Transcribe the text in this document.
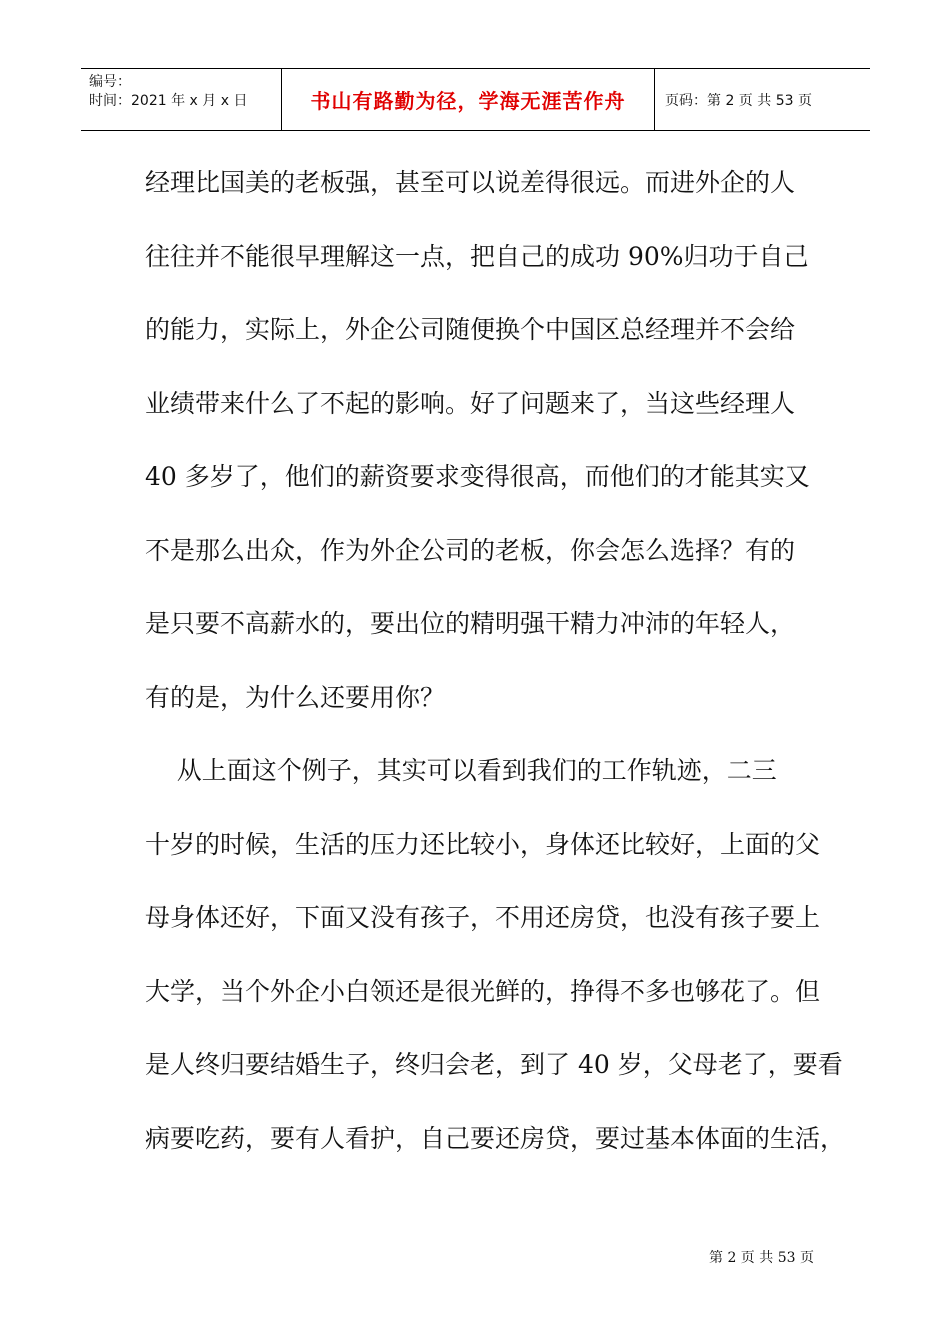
编号：
时间：2021 年 x 月 x 日	书山有路勤为径，学海无涯苦作舟	页码：第 2 页 共 53 页

经理比国美的老板强，甚至可以说差得很远。而进外企的人

往往并不能很早理解这一点，把自己的成功 90%归功于自己

的能力，实际上，外企公司随便换个中国区总经理并不会给

业绩带来什么了不起的影响。好了问题来了，当这些经理人

40 多岁了，他们的薪资要求变得很高，而他们的才能其实又

不是那么出众，作为外企公司的老板，你会怎么选择？有的

是只要不高薪水的，要出位的精明强干精力冲沛的年轻人，

有的是，为什么还要用你？

从上面这个例子，其实可以看到我们的工作轨迹，二三

十岁的时候，生活的压力还比较小，身体还比较好，上面的父

母身体还好，下面又没有孩子，不用还房贷，也没有孩子要上

大学，当个外企小白领还是很光鲜的，挣得不多也够花了。但

是人终归要结婚生子，终归会老，到了 40 岁，父母老了，要看

病要吃药，要有人看护，自己要还房贷，要过基本体面的生活，

第 2 页 共 53 页
